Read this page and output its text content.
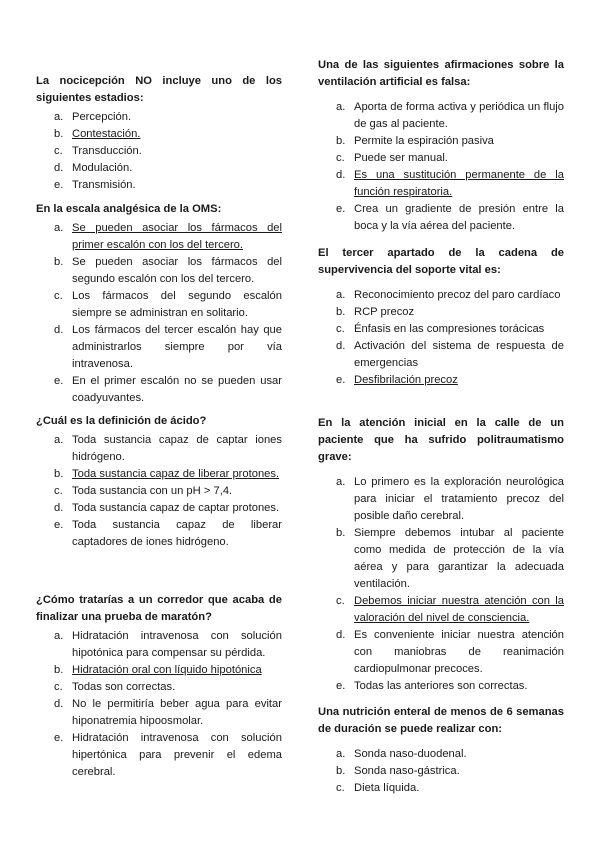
La nocicepción NO incluye uno de los siguientes estadios:

a. Percepción.
b. Contestación.
c. Transducción.
d. Modulación.
e. Transmisión.

En la escala analgésica de la OMS:

a. Se pueden asociar los fármacos del primer escalón con los del tercero.
b. Se pueden asociar los fármacos del segundo escalón con los del tercero.
c. Los fármacos del segundo escalón siempre se administran en solitario.
d. Los fármacos del tercer escalón hay que administrarlos siempre por vía intravenosa.
e. En el primer escalón no se pueden usar coadyuvantes.

¿Cuál es la definición de ácido?

a. Toda sustancia capaz de captar iones hidrógeno.
b. Toda sustancia capaz de liberar protones.
c. Toda sustancia con un pH > 7,4.
d. Toda sustancia capaz de captar protones.
e. Toda sustancia capaz de liberar captadores de iones hidrógeno.

¿Cómo tratarías a un corredor que acaba de finalizar una prueba de maratón?

a. Hidratación intravenosa con solución hipotónica para compensar su pérdida.
b. Hidratación oral con líquido hipotónica
c. Todas son correctas.
d. No le permitiría beber agua para evitar hiponatremia hipoosmolar.
e. Hidratación intravenosa con solución hipertónica para prevenir el edema cerebral.

Una de las siguientes afirmaciones sobre la ventilación artificial es falsa:

a. Aporta de forma activa y periódica un flujo de gas al paciente.
b. Permite la espiración pasiva
c. Puede ser manual.
d. Es una sustitución permanente de la función respiratoria.
e. Crea un gradiente de presión entre la boca y la vía aérea del paciente.

El tercer apartado de la cadena de supervivencia del soporte vital es:

a. Reconocimiento precoz del paro cardíaco
b. RCP precoz
c. Énfasis en las compresiones torácicas
d. Activación del sistema de respuesta de emergencias
e. Desfibrilación precoz

En la atención inicial en la calle de un paciente que ha sufrido politraumatismo grave:

a. Lo primero es la exploración neurológica para iniciar el tratamiento precoz del posible daño cerebral.
b. Siempre debemos intubar al paciente como medida de protección de la vía aérea y para garantizar la adecuada ventilación.
c. Debemos iniciar nuestra atención con la valoración del nivel de consciencia.
d. Es conveniente iniciar nuestra atención con maniobras de reanimación cardiopulmonar precoces.
e. Todas las anteriores son correctas.

Una nutrición enteral de menos de 6 semanas de duración se puede realizar con:

a. Sonda naso-duodenal.
b. Sonda naso-gástrica.
c. Dieta líquida.
